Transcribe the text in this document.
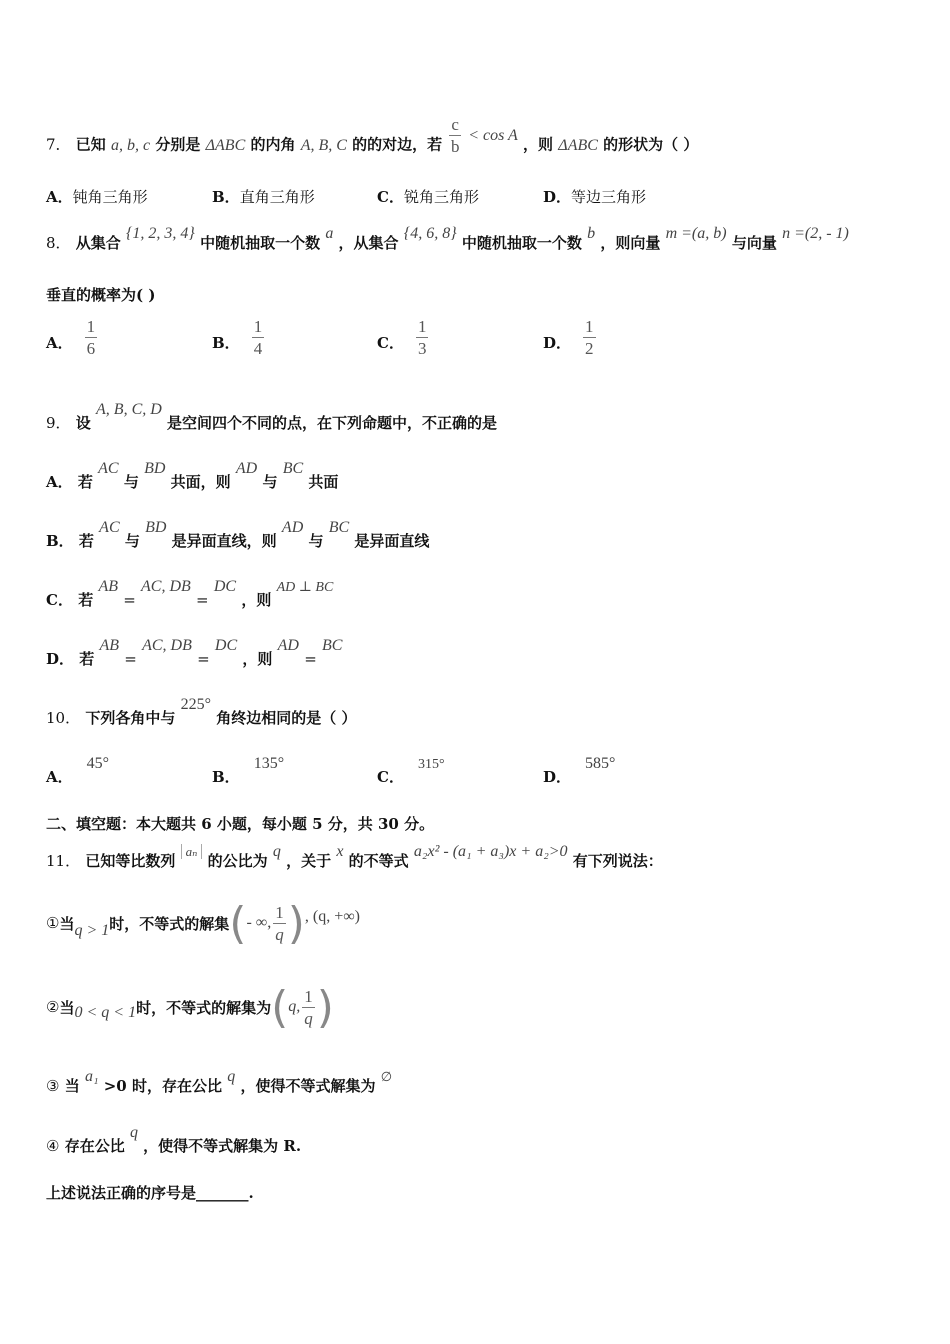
7． 已知 a, b, c 分别是 ΔABC 的内角 A, B, C 的的对边，若 $\frac{c}{b} < \cos A$ ，则 ΔABC 的形状为（ ）
A．钝角三角形	B．直角三角形	C．锐角三角形	D．等边三角形
8． 从集合 {1, 2, 3, 4} 中随机抽取一个数 a ，从集合 {4, 6, 8} 中随机抽取一个数 b ，则向量 m =(a, b) 与向量 n =(2, - 1)
垂直的概率为( )
A． $\frac{1}{6}$	B． $\frac{1}{4}$	C． $\frac{1}{3}$	D． $\frac{1}{2}$
9． 设 A, B, C, D 是空间四个不同的点，在下列命题中，不正确的是
A． 若 AC 与 BD 共面，则 AD 与 BC 共面
B． 若 AC 与 BD 是异面直线，则 AD 与 BC 是异面直线
C． 若 AB = AC, DB = DC ，则 AD ⊥ BC
D． 若 AB = AC, DB = DC ，则 AD = BC
10． 下列各角中与 225° 角终边相同的是（ ）
A．45°
B．135°
C．315°
D．585°
二、填空题：本大题共 6 小题，每小题 5 分，共 30 分。
11． 已知等比数列 aₙ 的公比为 q ，关于 x 的不等式 a₂x² - (a₁ + a₃)x + a₂>0 有下列说法：
① 当 q > 1 时，不等式的解集 ( - ∞, $\frac{1}{q}$ ) , (q, +∞)
② 当 0 < q < 1 时，不等式的解集为 ( q, $\frac{1}{q}$ )
③ 当 a₁ >0 时，存在公比 q ，使得不等式解集为 ∅
④ 存在公比 q ，使得不等式解集为 R.
上述说法正确的序号是_______.
